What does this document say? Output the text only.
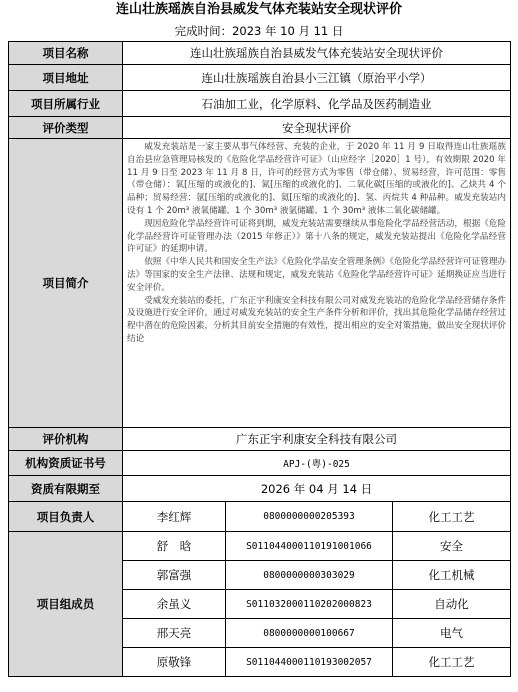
连山壮族瑶族自治县威发气体充装站安全现状评价
完成时间：2023 年 10 月 11 日
项目名称	连山壮族瑶族自治县威发气体充装站安全现状评价		
项目地址	连山壮族瑶族自治县小三江镇（原治平小学）		
项目所属行业	石油加工业，化学原料、化学品及医药制造业		
评价类型	安全现状评价		
项目简介	威发充装站是一家主要从事气体经营、充装的企业，于 2020 年 11 月 9 日取得连山壮族瑶族自治县应急管理局核发的《危险化学品经营许可证》（山应经字［2020］1 号），有效期限 2020 年 11 月 9 日至 2023 年 11 月 8 日，许可的经营方式为零售（带仓储）、贸易经营，许可范围：零售（带仓储）：氧[压缩的或液化的]、氮[压缩的或液化的]、二氧化碳[压缩的或液化的]、乙炔共 4 个品种；贸易经营：氩[压缩的或液化的]、氦[压缩的或液化的]、氢、丙烷共 4 种品种。威发充装站内设有 1 个 20m³ 液氧储罐、1 个 30m³ 液氩储罐、1 个 30m³ 液体二氧化碳储罐。

现因危险化学品经营许可证将到期，威发充装站需要继续从事危险化学品经营活动，根据《危险化学品经营许可证管理办法（2015 年修正）》第十八条的规定，威发充装站提出《危险化学品经营许可证》的延期申请。

依照《中华人民共和国安全生产法》《危险化学品安全管理条例》《危险化学品经营许可证管理办法》等国家的安全生产法律、法规和规定，威发充装站《危险化学品经营许可证》延期换证应当进行安全评价。

受威发充装站的委托，广东正宇利康安全科技有限公司对威发充装站的危险化学品经营储存条件及设施进行安全评价，通过对威发充装站的安全生产条件分析和评价，找出其危险化学品储存经营过程中潜在的危险因素，分析其目前安全措施的有效性，提出相应的安全对策措施，做出安全现状评价结论		

评价机构	广东正宇利康安全科技有限公司		
机构资质证书号	APJ-(粤)-025		
资质有限期至	2026 年 04 月 14 日		
项目负责人	李红辉	0800000000205393	化工工艺
项目组成员	舒　晗	S011044000110191001066	安全
	郭富强	0800000000303029	化工机械
	余虽义	S011032000110202000823	自动化
	邢天亮	0800000000100667	电气
	原敬锋	S011044000110193002057	化工工艺
